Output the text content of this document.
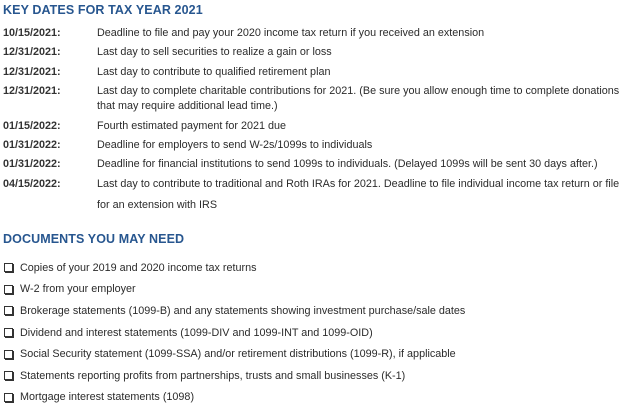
KEY DATES FOR TAX YEAR 2021
10/15/2021:	Deadline to file and pay your 2020 income tax return if you received an extension
12/31/2021:	Last day to sell securities to realize a gain or loss
12/31/2021:	Last day to contribute to qualified retirement plan
12/31/2021:	Last day to complete charitable contributions for 2021. (Be sure you allow enough time to complete donations that may require additional lead time.)
01/15/2022:	Fourth estimated payment for 2021 due
01/31/2022:	Deadline for employers to send W-2s/1099s to individuals
01/31/2022:	Deadline for financial institutions to send 1099s to individuals. (Delayed 1099s will be sent 30 days after.)
04/15/2022:	Last day to contribute to traditional and Roth IRAs for 2021. Deadline to file individual income tax return or file for an extension with IRS
DOCUMENTS YOU MAY NEED
Copies of your 2019 and 2020 income tax returns
W-2 from your employer
Brokerage statements (1099-B) and any statements showing investment purchase/sale dates
Dividend and interest statements (1099-DIV and 1099-INT and 1099-OID)
Social Security statement (1099-SSA) and/or retirement distributions (1099-R), if applicable
Statements reporting profits from partnerships, trusts and small businesses (K-1)
Mortgage interest statements (1098)
